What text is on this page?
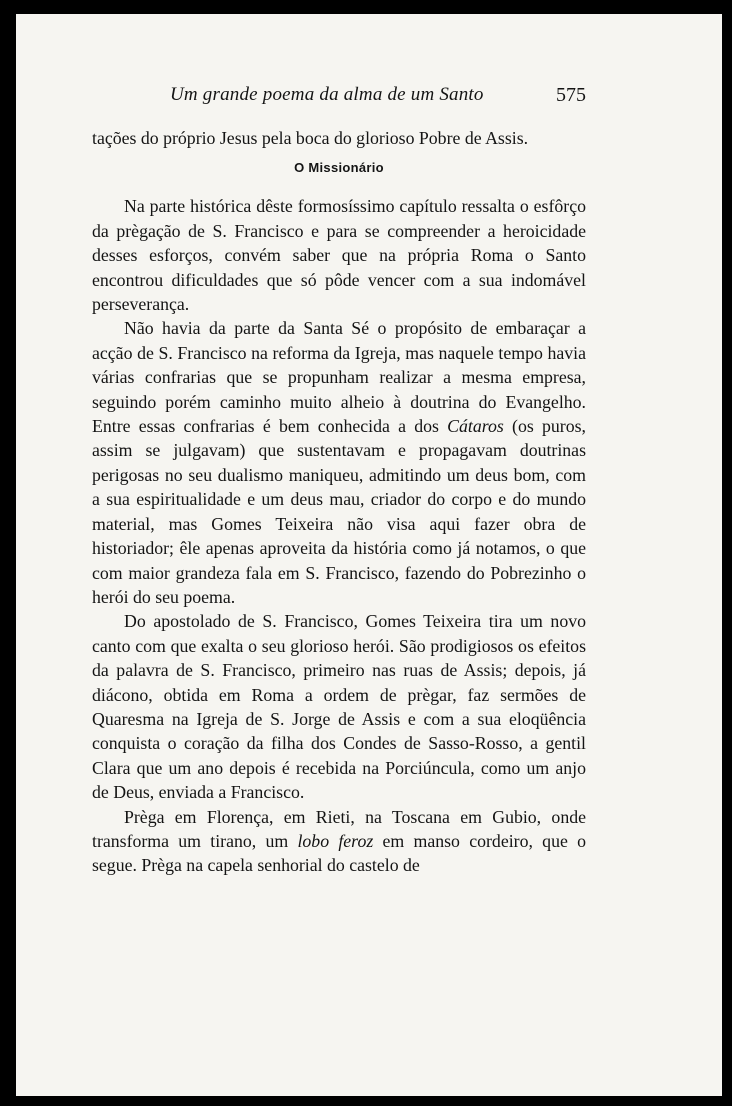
Um grande poema da alma de um Santo	575

tações do próprio Jesus pela boca do glorioso Pobre de Assis.

O Missionário

Na parte histórica dêste formosíssimo capítulo ressalta o esfôrço da prègação de S. Francisco e para se compreender a heroicidade desses esforços, convém saber que na própria Roma o Santo encontrou dificuldades que só pôde vencer com a sua indomável perseverança.

Não havia da parte da Santa Sé o propósito de embaraçar a acção de S. Francisco na reforma da Igreja, mas naquele tempo havia várias confrarias que se propunham realizar a mesma empresa, seguindo porém caminho muito alheio à doutrina do Evangelho. Entre essas confrarias é bem conhecida a dos Cátaros (os puros, assim se julgavam) que sustentavam e propagavam doutrinas perigosas no seu dualismo maniqueu, admitindo um deus bom, com a sua espiritualidade e um deus mau, criador do corpo e do mundo material, mas Gomes Teixeira não visa aqui fazer obra de historiador; êle apenas aproveita da história como já notamos, o que com maior grandeza fala em S. Francisco, fazendo do Pobrezinho o herói do seu poema.

Do apostolado de S. Francisco, Gomes Teixeira tira um novo canto com que exalta o seu glorioso herói. São prodigiosos os efeitos da palavra de S. Francisco, primeiro nas ruas de Assis; depois, já diácono, obtida em Roma a ordem de prègar, faz sermões de Quaresma na Igreja de S. Jorge de Assis e com a sua eloqüência conquista o coração da filha dos Condes de Sasso-Rosso, a gentil Clara que um ano depois é recebida na Porciúncula, como um anjo de Deus, enviada a Francisco.

Prèga em Florença, em Rieti, na Toscana em Gubio, onde transforma um tirano, um lobo feroz em manso cordeiro, que o segue. Prèga na capela senhorial do castelo de
